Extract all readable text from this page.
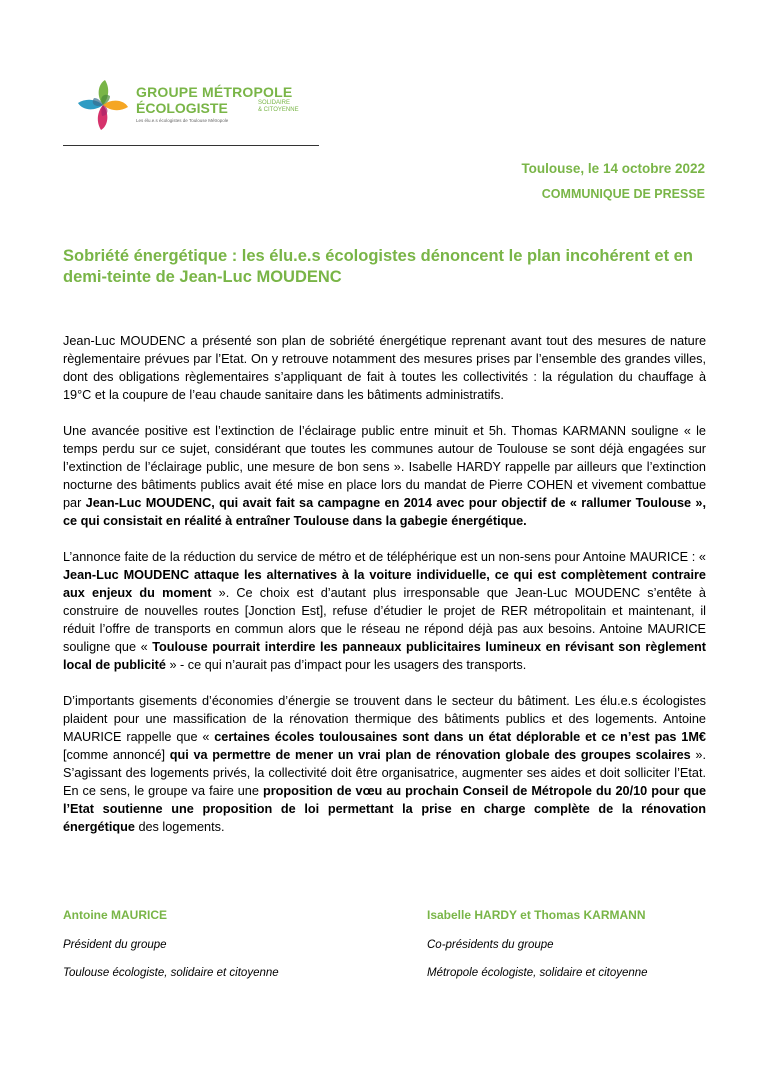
GROUPE MÉTROPOLE
ÉCOLOGISTE	SOLIDAIRE
& CITOYENNE
Les élu.e.s écologistes de Toulouse Métropole
Toulouse, le 14 octobre 2022
COMMUNIQUE DE PRESSE
Sobriété énergétique : les élu.e.s écologistes dénoncent le plan incohérent et en demi-teinte de Jean-Luc MOUDENC

Jean-Luc MOUDENC a présenté son plan de sobriété énergétique reprenant avant tout des mesures de nature règlementaire prévues par l’Etat. On y retrouve notamment des mesures prises par l’ensemble des grandes villes, dont des obligations règlementaires s’appliquant de fait à toutes les collectivités : la régulation du chauffage à 19°C et la coupure de l’eau chaude sanitaire dans les bâtiments administratifs.

Une avancée positive est l’extinction de l’éclairage public entre minuit et 5h. Thomas KARMANN souligne « le temps perdu sur ce sujet, considérant que toutes les communes autour de Toulouse se sont déjà engagées sur l’extinction de l’éclairage public, une mesure de bon sens ». Isabelle HARDY rappelle par ailleurs que l’extinction nocturne des bâtiments publics avait été mise en place lors du mandat de Pierre COHEN et vivement combattue par Jean-Luc MOUDENC, qui avait fait sa campagne en 2014 avec pour objectif de « rallumer Toulouse », ce qui consistait en réalité à entraîner Toulouse dans la gabegie énergétique.

L’annonce faite de la réduction du service de métro et de téléphérique est un non-sens pour Antoine MAURICE : « Jean-Luc MOUDENC attaque les alternatives à la voiture individuelle, ce qui est complètement contraire aux enjeux du moment ». Ce choix est d’autant plus irresponsable que Jean-Luc MOUDENC s’entête à construire de nouvelles routes [Jonction Est], refuse d’étudier le projet de RER métropolitain et maintenant, il réduit l’offre de transports en commun alors que le réseau ne répond déjà pas aux besoins. Antoine MAURICE souligne que « Toulouse pourrait interdire les panneaux publicitaires lumineux en révisant son règlement local de publicité » - ce qui n’aurait pas d’impact pour les usagers des transports.

D’importants gisements d’économies d’énergie se trouvent dans le secteur du bâtiment. Les élu.e.s écologistes plaident pour une massification de la rénovation thermique des bâtiments publics et des logements. Antoine MAURICE rappelle que « certaines écoles toulousaines sont dans un état déplorable et ce n’est pas 1M€ [comme annoncé] qui va permettre de mener un vrai plan de rénovation globale des groupes scolaires ». S’agissant des logements privés, la collectivité doit être organisatrice, augmenter ses aides et doit solliciter l’Etat. En ce sens, le groupe va faire une proposition de vœu au prochain Conseil de Métropole du 20/10 pour que l’Etat soutienne une proposition de loi permettant la prise en charge complète de la rénovation énergétique des logements.

Antoine MAURICE
Président du groupe
Toulouse écologiste, solidaire et citoyenne
Isabelle HARDY et Thomas KARMANN
Co-présidents du groupe
Métropole écologiste, solidaire et citoyenne
